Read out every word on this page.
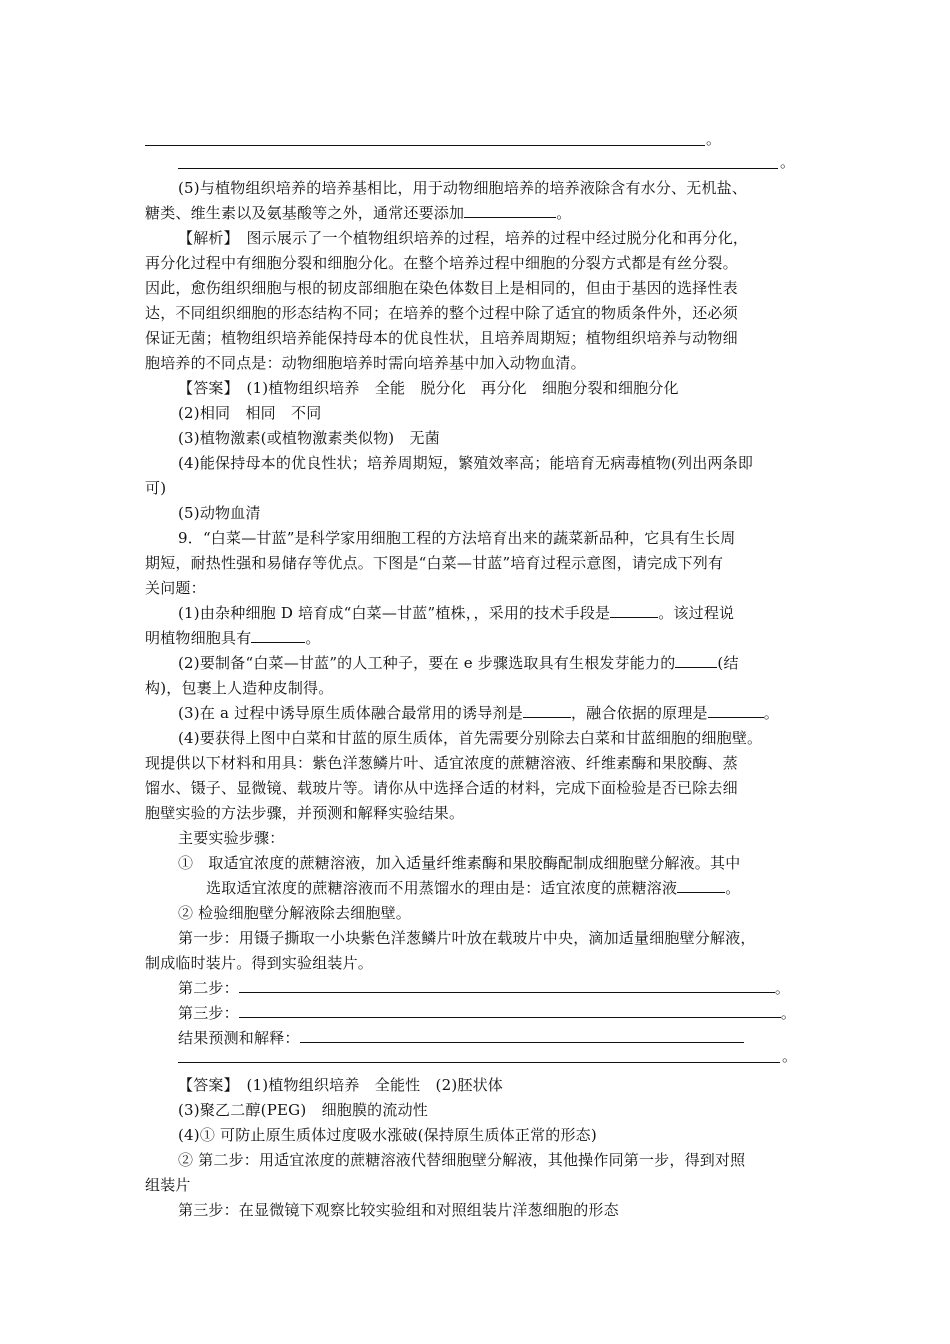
。
。
(5)与植物组织培养的培养基相比，用于动物细胞培养的培养液除含有水分、无机盐、
糖类、维生素以及氨基酸等之外，通常还要添加	。
【解析】　图示展示了一个植物组织培养的过程，培养的过程中经过脱分化和再分化，
再分化过程中有细胞分裂和细胞分化。在整个培养过程中细胞的分裂方式都是有丝分裂。
因此，愈伤组织细胞与根的韧皮部细胞在染色体数目上是相同的，但由于基因的选择性表
达，不同组织细胞的形态结构不同；在培养的整个过程中除了适宜的物质条件外，还必须
保证无菌；植物组织培养能保持母本的优良性状，且培养周期短；植物组织培养与动物细
胞培养的不同点是：动物细胞培养时需向培养基中加入动物血清。
【答案】　(1)植物组织培养　全能　脱分化　再分化　细胞分裂和细胞分化
(2)相同　相同　不同
(3)植物激素(或植物激素类似物)　无菌
(4)能保持母本的优良性状；培养周期短，繁殖效率高；能培育无病毒植物(列出两条即
可)
(5)动物血清
9．“白菜—甘蓝”是科学家用细胞工程的方法培育出来的蔬菜新品种，它具有生长周
期短，耐热性强和易储存等优点。下图是“白菜—甘蓝”培育过程示意图，请完成下列有
关问题：
(1)由杂种细胞 D 培育成“白菜—甘蓝”植株，，采用的技术手段是	。该过程说
明植物细胞具有	。
(2)要制备“白菜—甘蓝”的人工种子，要在 e 步骤选取具有生根发芽能力的	(结
构)，包裹上人造种皮制得。
(3)在 a 过程中诱导原生质体融合最常用的诱导剂是	，融合依据的原理是	。
(4)要获得上图中白菜和甘蓝的原生质体，首先需要分别除去白菜和甘蓝细胞的细胞壁。
现提供以下材料和用具：紫色洋葱鳞片叶、适宜浓度的蔗糖溶液、纤维素酶和果胶酶、蒸
馏水、镊子、显微镜、载玻片等。请你从中选择合适的材料，完成下面检验是否已除去细
胞壁实验的方法步骤，并预测和解释实验结果。
主要实验步骤：
①　取适宜浓度的蔗糖溶液，加入适量纤维素酶和果胶酶配制成细胞壁分解液。其中
选取适宜浓度的蔗糖溶液而不用蒸馏水的理由是：适宜浓度的蔗糖溶液	。
② 检验细胞壁分解液除去细胞壁。
第一步：用镊子撕取一小块紫色洋葱鳞片叶放在载玻片中央，滴加适量细胞壁分解液，
制成临时装片。得到实验组装片。
第二步：	。
第三步：	。
结果预测和解释：
。
【答案】　(1)植物组织培养　全能性　(2)胚状体
(3)聚乙二醇(PEG)　细胞膜的流动性
(4)① 可防止原生质体过度吸水涨破(保持原生质体正常的形态)
② 第二步：用适宜浓度的蔗糖溶液代替细胞壁分解液，其他操作同第一步，得到对照
组装片
第三步：在显微镜下观察比较实验组和对照组装片洋葱细胞的形态
